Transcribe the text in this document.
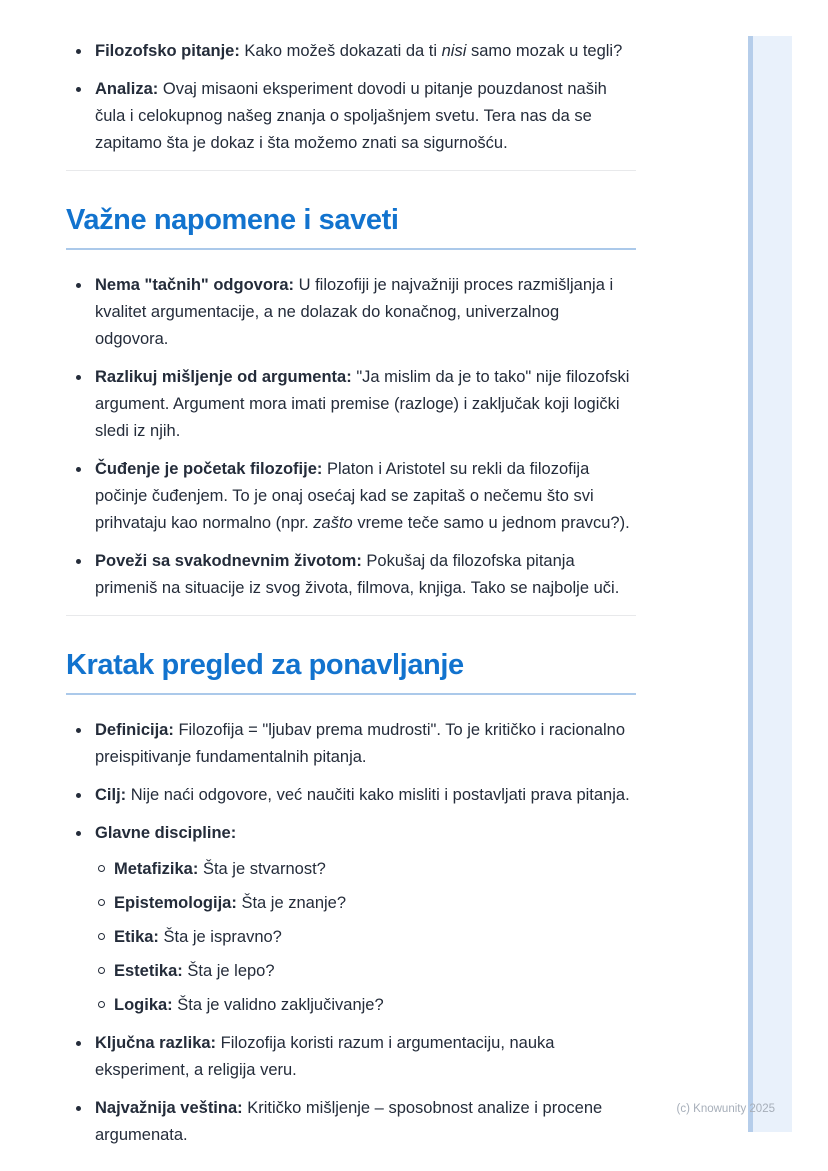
Filozofsko pitanje: Kako možeš dokazati da ti nisi samo mozak u tegli?
Analiza: Ovaj misaoni eksperiment dovodi u pitanje pouzdanost naših čula i celokupnog našeg znanja o spoljašnjem svetu. Tera nas da se zapitamo šta je dokaz i šta možemo znati sa sigurnošću.
Važne napomene i saveti
Nema "tačnih" odgovora: U filozofiji je najvažniji proces razmišljanja i kvalitet argumentacije, a ne dolazak do konačnog, univerzalnog odgovora.
Razlikuj mišljenje od argumenta: "Ja mislim da je to tako" nije filozofski argument. Argument mora imati premise (razloge) i zaključak koji logički sledi iz njih.
Čuđenje je početak filozofije: Platon i Aristotel su rekli da filozofija počinje čuđenjem. To je onaj osećaj kad se zapitaš o nečemu što svi prihvataju kao normalno (npr. zašto vreme teče samo u jednom pravcu?).
Poveži sa svakodnevnim životom: Pokušaj da filozofska pitanja primeniš na situacije iz svog života, filmova, knjiga. Tako se najbolje uči.
Kratak pregled za ponavljanje
Definicija: Filozofija = "ljubav prema mudrosti". To je kritičko i racionalno preispitivanje fundamentalnih pitanja.
Cilj: Nije naći odgovore, već naučiti kako misliti i postavljati prava pitanja.
Glavne discipline:
Metafizika: Šta je stvarnost?
Epistemologija: Šta je znanje?
Etika: Šta je ispravno?
Estetika: Šta je lepo?
Logika: Šta je validno zaključivanje?
Ključna razlika: Filozofija koristi razum i argumentaciju, nauka eksperiment, a religija veru.
Najvažnija veština: Kritičko mišljenje – sposobnost analize i procene argumenata.
(c) Knowunity 2025
